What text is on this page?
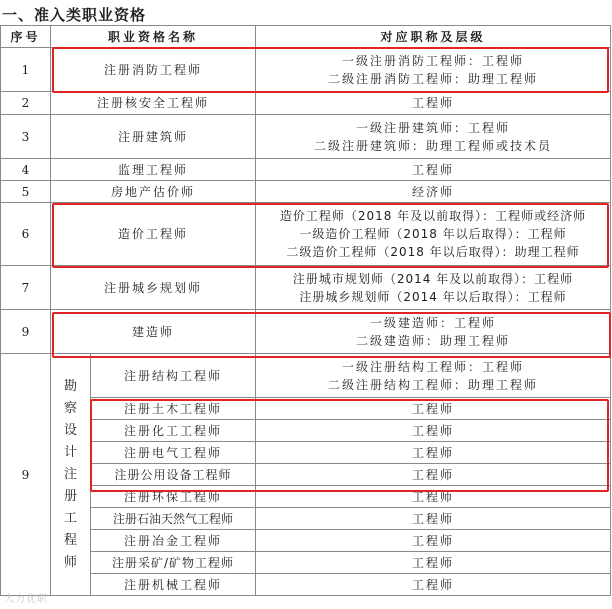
一、准入类职业资格
序号	职业资格名称		对应职称及层级
1	注册消防工程师		一级注册消防工程师：工程师
二级注册消防工程师：助理工程师

2	注册核安全工程师		工程师

3	注册建筑师		一级注册建筑师：工程师
二级注册建筑师：助理工程师或技术员

4	监理工程师		工程师

5	房地产估价师		经济师

6	造价工程师		造价工程师（2018 年及以前取得）：工程师或经济师
一级造价工程师（2018 年以后取得）：工程师
二级造价工程师（2018 年以后取得）：助理工程师

7	注册城乡规划师		注册城市规划师（2014 年及以前取得）：工程师
注册城乡规划师（2014 年以后取得）：工程师

9	建造师		一级建造师：工程师
二级建造师：助理工程师

9	勘察设计注册工程师	注册结构工程师	一级注册结构工程师：工程师
二级注册结构工程师：助理工程师

		注册土木工程师	工程师
		注册化工工程师	工程师
		注册电气工程师	工程师
		注册公用设备工程师	工程师
		注册环保工程师	工程师
		注册石油天然气工程师	工程师
		注册冶金工程师	工程师
		注册采矿/矿物工程师	工程师
		注册机械工程师	工程师
大力优职
